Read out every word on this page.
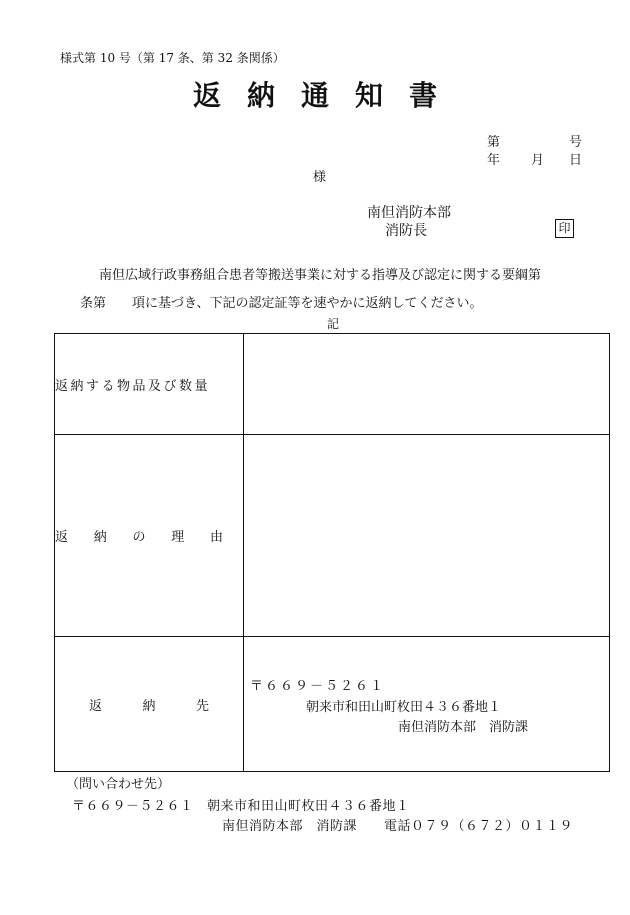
様式第 10 号（第 17 条、第 32 条関係）
返納通知書
第	号
年 月 日
様
南但消防本部
消防長	印
南但広域行政事務組合患者等搬送事業に対する指導及び認定に関する要綱第
条第　　項に基づき、下記の認定証等を速やかに返納してください。
記
返納する物品及び数量	

返 納 の 理 由	

返 納 先	〒６６９－５２６１
朝来市和田山町枚田４３６番地１
南但消防本部　消防課
（問い合わせ先）
〒６６９－５２６１　朝来市和田山町枚田４３６番地１
南但消防本部　消防課　　電話０７９（６７２）０１１９
